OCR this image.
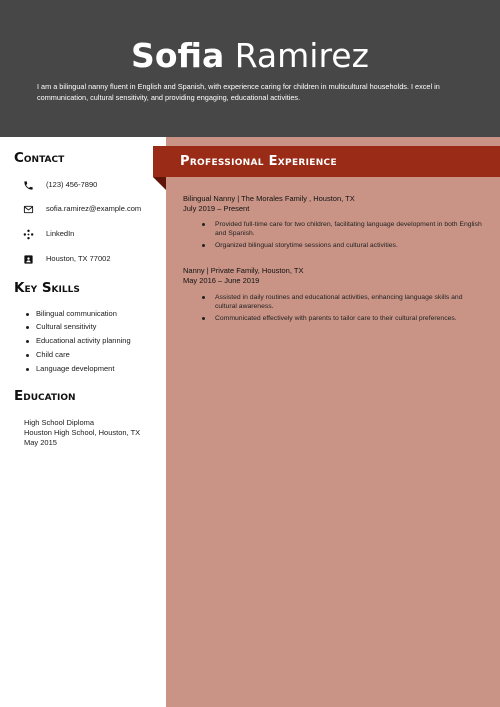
Sofia Ramirez
I am a bilingual nanny fluent in English and Spanish, with experience caring for children in multicultural households. I excel in communication, cultural sensitivity, and providing engaging, educational activities.
Professional Experience
Contact
(123) 456-7890
sofia.ramirez@example.com
LinkedIn
Houston, TX 77002
Key Skills
Bilingual communication
Cultural sensitivity
Educational activity planning
Child care
Language development
Education
High School Diploma
Houston High School, Houston, TX
May 2015
Bilingual Nanny | The Morales Family , Houston, TX
July 2019 – Present
Provided full-time care for two children, facilitating language development in both English and Spanish.
Organized bilingual storytime sessions and cultural activities.
Nanny | Private Family, Houston, TX
May 2016 – June 2019
Assisted in daily routines and educational activities, enhancing language skills and cultural awareness.
Communicated effectively with parents to tailor care to their cultural preferences.
